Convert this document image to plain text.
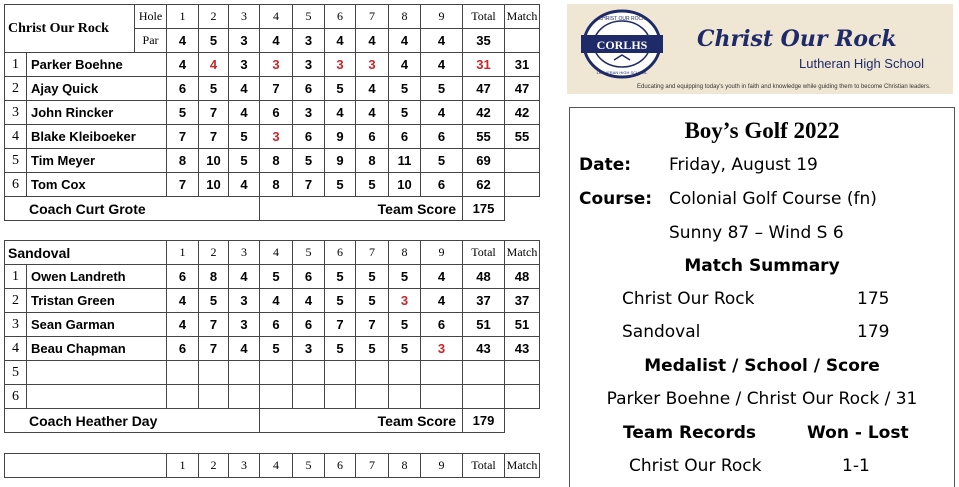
Christ Our Rock		Hole	1	2	3	4	5	6	7	8	9	Total	Match
		Par	4	5	3	4	3	4	4	4	4	35	
1	Parker Boehne		4	4	3	3	3	3	3	4	4	31	31
2	Ajay Quick		6	5	4	7	6	5	4	5	5	47	47
3	John Rincker		5	7	4	6	3	4	4	5	4	42	42
4	Blake Kleiboeker		7	7	5	3	6	9	6	6	6	55	55
5	Tim Meyer		8	10	5	8	5	9	8	11	5	69	
6	Tom Cox		7	10	4	8	7	5	5	10	6	62	
Coach Curt Grote						Team Score						175	
Sandoval		1	2	3	4	5	6	7	8	9	Total	Match
1	Owen Landreth	6	8	4	5	6	5	5	5	4	48	48
2	Tristan Green	4	5	3	4	4	5	5	3	4	37	37
3	Sean Garman	4	7	3	6	6	7	7	5	6	51	51
4	Beau Chapman	6	7	4	5	3	5	5	5	3	43	43
5												
6												
Coach Heather Day					Team Score						179	
	1	2	3	4	5	6	7	8	9	Total	Match
CORLHS
CHRIST OUR ROCK
LUTHERAN HIGH SCHOOL
Christ Our Rock
Lutheran High School
Educating and equipping today's youth in faith and knowledge while guiding them to become Christian leaders.
Boy’s Golf 2022
Date: Friday, August 19
Course: Colonial Golf Course (fn)
Sunny 87 – Wind S 6
Match Summary
Christ Our Rock	175
Sandoval	179
Medalist / School / Score
Parker Boehne / Christ Our Rock / 31
Team Records	Won - Lost
Christ Our Rock	1-1
